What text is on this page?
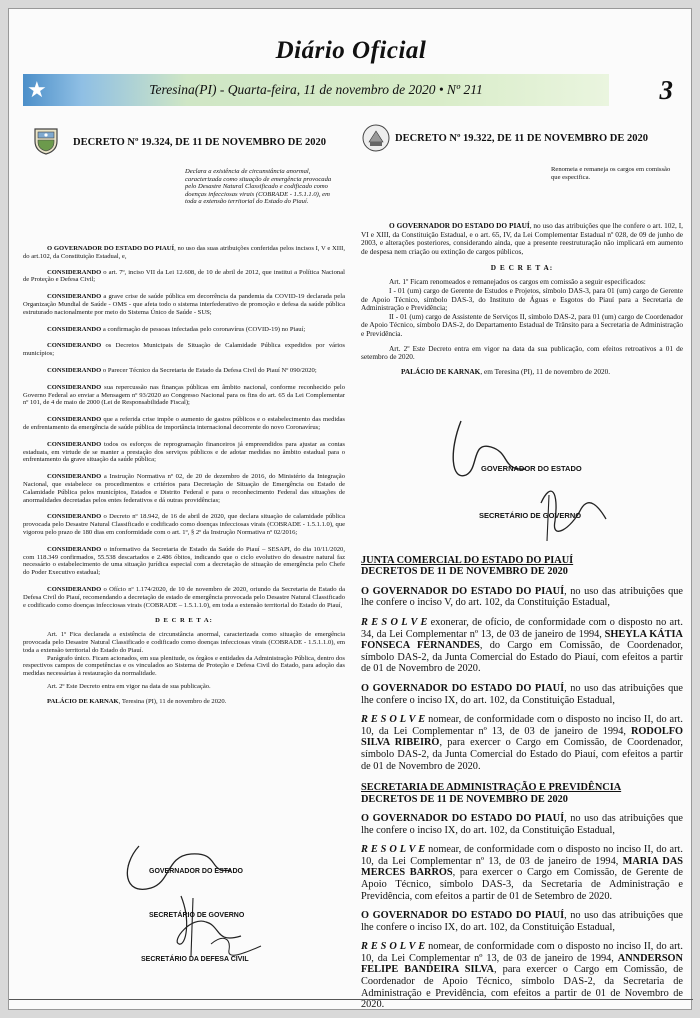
Diário Oficial
★	Teresina(PI) - Quarta-feira, 11 de novembro de 2020 • Nº 211	3
DECRETO Nº 19.324, DE 11 DE NOVEMBRO DE 2020
Declara a existência de circunstância anormal, caracterizada como situação de emergência provocada pelo Desastre Natural Classificado e codificado como doenças infecciosas virais (COBRADE - 1.5.1.1.0), em toda a extensão territorial do Estado do Piauí.

O GOVERNADOR DO ESTADO DO PIAUÍ, no uso das suas atribuições conferidas pelos incisos I, V e XIII, do art.102, da Constituição Estadual, e,

CONSIDERANDO o art. 7º, inciso VII da Lei 12.608, de 10 de abril de 2012, que institui a Política Nacional de Proteção e Defesa Civil;

CONSIDERANDO a grave crise de saúde pública em decorrência da pandemia da COVID-19 declarada pela Organização Mundial de Saúde - OMS - que afeta todo o sistema interfederativo de promoção e defesa da saúde pública estruturado nacionalmente por meio do Sistema Único de Saúde - SUS;

CONSIDERANDO a confirmação de pessoas infectadas pelo coronavírus (COVID-19) no Piauí;

CONSIDERANDO os Decretos Municipais de Situação de Calamidade Pública expedidos por vários municípios;

CONSIDERANDO o Parecer Técnico da Secretaria de Estado da Defesa Civil do Piauí Nº 090/2020;

CONSIDERANDO sua repercussão nas finanças públicas em âmbito nacional, conforme reconhecido pelo Governo Federal ao enviar a Mensagem nº 93/2020 ao Congresso Nacional para os fins do art. 65 da Lei Complementar nº 101, de 4 de maio de 2000 (Lei de Responsabilidade Fiscal);

CONSIDERANDO que a referida crise impõe o aumento de gastos públicos e o estabelecimento das medidas de enfrentamento da emergência de saúde pública de importância internacional decorrente do novo Coronavírus;

CONSIDERANDO todos os esforços de reprogramação financeiros já empreendidos para ajustar as contas estaduais, em virtude de se manter a prestação dos serviços públicos e de adotar medidas no âmbito estadual para o enfrentamento da grave situação da saúde pública;

CONSIDERANDO a Instrução Normativa nº 02, de 20 de dezembro de 2016, do Ministério da Integração Nacional, que estabelece os procedimentos e critérios para Decretação de Situação de Emergência ou Estado de Calamidade Pública pelos municípios, Estados e Distrito Federal e para o reconhecimento Federal das situações de anormalidades decretadas pelos entes federativos e dá outras providências;

CONSIDERANDO o Decreto nº 18.942, de 16 de abril de 2020, que declara situação de calamidade pública provocada pelo Desastre Natural Classificado e codificado como doenças infecciosas virais (COBRADE - 1.5.1.1.0), que vigorou pelo prazo de 180 dias em conformidade com o art. 1º, § 2º da Instrução Normativa nº 02/2016;

CONSIDERANDO o informativo da Secretaria de Estado da Saúde do Piauí – SESAPI, do dia 10/11/2020, com 118.349 confirmados, 55.538 descartados e 2.486 óbitos, indicando que o ciclo evolutivo do desastre natural faz necessário o estabelecimento de uma situação jurídica especial com a decretação de situação de emergência pelo Chefe do Poder Executivo estadual;

CONSIDERANDO o Ofício nº 1.174/2020, de 10 de novembro de 2020, oriundo da Secretaria de Estado da Defesa Civil do Piauí, recomendando a decretação de estado de emergência provocada pelo Desastre Natural Classificado e codificado como doenças infecciosas virais (COBRADE – 1.5.1.1.0), em toda a extensão territorial do Estado do Piauí,

D E C R E T A:

Art. 1º Fica declarada a existência de circunstância anormal, caracterizada como situação de emergência provocada pelo Desastre Natural Classificado e codificado como doenças infecciosas virais (COBRADE - 1.5.1.1.0), em toda a extensão territorial do Estado do Piauí.

Parágrafo único. Ficam acionados, em sua plenitude, os órgãos e entidades da Administração Pública, dentro dos respectivos campos de competências e os vinculados ao Sistema de Proteção e Defesa Civil do Estado, para adoção das medidas necessárias à restauração da normalidade.

Art. 2º Este Decreto entra em vigor na data de sua publicação.

PALÁCIO DE KARNAK, Teresina (PI), 11 de novembro de 2020.

GOVERNADOR DO ESTADO
SECRETÁRIO DE GOVERNO
SECRETÁRIO DA DEFESA CIVIL
DECRETO Nº 19.322, DE 11 DE NOVEMBRO DE 2020
Renomeia e remaneja os cargos em comissão que especifica.

O GOVERNADOR DO ESTADO DO PIAUÍ, no uso das atribuições que lhe confere o art. 102, I, VI e XIII, da Constituição Estadual, e o art. 65, IV, da Lei Complementar Estadual nº 028, de 09 de junho de 2003, e alterações posteriores, considerando ainda, que a presente reestruturação não implicará em aumento de despesa nem criação ou extinção de cargos públicos,

D E C R E T A:

Art. 1º Ficam renomeados e remanejados os cargos em comissão a seguir especificados:

I - 01 (um) cargo de Gerente de Estudos e Projetos, símbolo DAS-3, para 01 (um) cargo de Gerente de Apoio Técnico, símbolo DAS-3, do Instituto de Águas e Esgotos do Piauí para a Secretaria de Administração e Previdência;

II - 01 (um) cargo de Assistente de Serviços II, símbolo DAS-2, para 01 (um) cargo de Coordenador de Apoio Técnico, símbolo DAS-2, do Departamento Estadual de Trânsito para a Secretaria de Administração e Previdência.

Art. 2º Este Decreto entra em vigor na data da sua publicação, com efeitos retroativos a 01 de setembro de 2020.

PALÁCIO DE KARNAK, em Teresina (PI), 11 de novembro de 2020.

GOVERNADOR DO ESTADO
SECRETÁRIO DE GOVERNO

JUNTA COMERCIAL DO ESTADO DO PIAUÍ

DECRETOS DE 11 DE NOVEMBRO DE 2020

O GOVERNADOR DO ESTADO DO PIAUÍ, no uso das atribuições que lhe confere o inciso V, do art. 102, da Constituição Estadual,

R E S O L V E exonerar, de ofício, de conformidade com o disposto no art. 34, da Lei Complementar nº 13, de 03 de janeiro de 1994, SHEYLA KÁTIA FONSECA FERNANDES, do Cargo em Comissão, de Coordenador, símbolo DAS-2, da Junta Comercial do Estado do Piauí, com efeitos a partir de 01 de Novembro de 2020.

O GOVERNADOR DO ESTADO DO PIAUÍ, no uso das atribuições que lhe confere o inciso IX, do art. 102, da Constituição Estadual,

R E S O L V E nomear, de conformidade com o disposto no inciso II, do art. 10, da Lei Complementar nº 13, de 03 de janeiro de 1994, RODOLFO SILVA RIBEIRO, para exercer o Cargo em Comissão, de Coordenador, símbolo DAS-2, da Junta Comercial do Estado do Piauí, com efeitos a partir de 01 de Novembro de 2020.

SECRETARIA DE ADMINISTRAÇÃO E PREVIDÊNCIA

DECRETOS DE 11 DE NOVEMBRO DE 2020

O GOVERNADOR DO ESTADO DO PIAUÍ, no uso das atribuições que lhe confere o inciso IX, do art. 102, da Constituição Estadual,

R E S O L V E nomear, de conformidade com o disposto no inciso II, do art. 10, da Lei Complementar nº 13, de 03 de janeiro de 1994, MARIA DAS MERCES BARROS, para exercer o Cargo em Comissão, de Gerente de Apoio Técnico, símbolo DAS-3, da Secretaria de Administração e Previdência, com efeitos a partir de 01 de Setembro de 2020.

O GOVERNADOR DO ESTADO DO PIAUÍ, no uso das atribuições que lhe confere o inciso IX, do art. 102, da Constituição Estadual,

R E S O L V E nomear, de conformidade com o disposto no inciso II, do art. 10, da Lei Complementar nº 13, de 03 de janeiro de 1994, ANNDERSON FELIPE BANDEIRA SILVA, para exercer o Cargo em Comissão, de Coordenador de Apoio Técnico, símbolo DAS-2, da Secretaria de Administração e Previdência, com efeitos a partir de 01 de Novembro de 2020.
